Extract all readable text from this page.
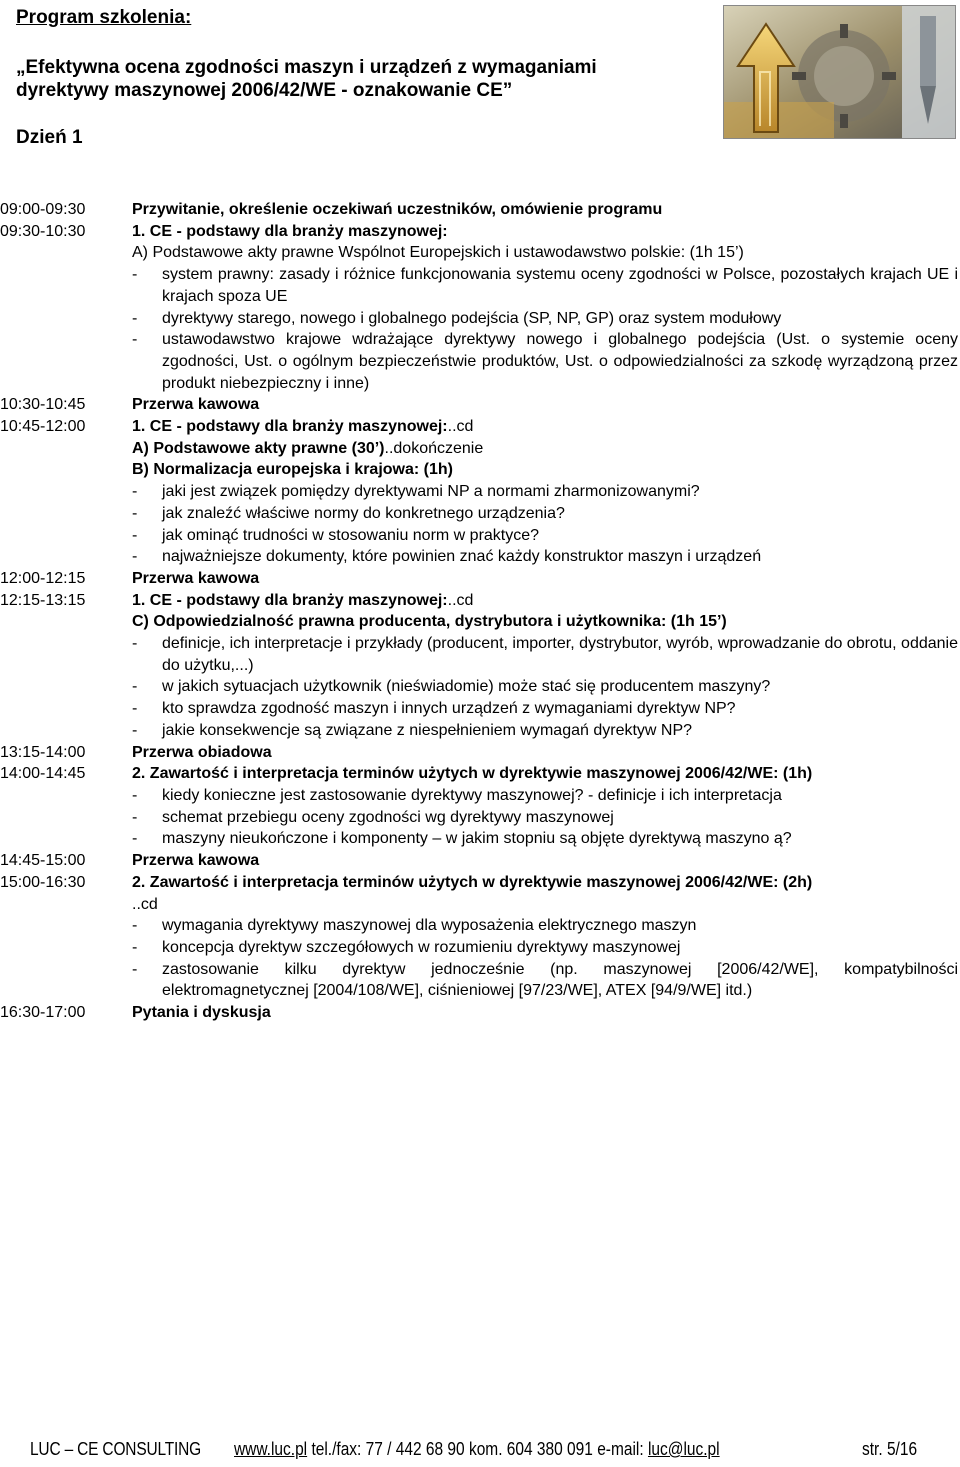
Program szkolenia:
„Efektywna ocena zgodności maszyn i urządzeń z wymaganiami
dyrektywy maszynowej 2006/42/WE - oznakowanie CE”
Dzień 1
09:00-09:30	Przywitanie, określenie oczekiwań uczestników, omówienie programu
09:30-10:30	1. CE - podstawy dla branży maszynowej:
A) Podstawowe akty prawne Wspólnot Europejskich i ustawodawstwo polskie: (1h 15’)
- system prawny: zasady i różnice funkcjonowania systemu oceny zgodności w Polsce, pozostałych krajach UE i krajach spoza UE
- dyrektywy starego, nowego i globalnego podejścia (SP, NP, GP) oraz system modułowy
- ustawodawstwo krajowe wdrażające dyrektywy nowego i globalnego podejścia (Ust. o systemie oceny zgodności, Ust. o ogólnym bezpieczeństwie produktów, Ust. o odpowiedzialności za szkodę wyrządzoną przez produkt niebezpieczny i inne)
10:30-10:45	Przerwa kawowa
10:45-12:00	1. CE - podstawy dla branży maszynowej:..cd
A) Podstawowe akty prawne (30’)..dokończenie
B) Normalizacja europejska i krajowa: (1h)
- jaki jest związek pomiędzy dyrektywami NP a normami zharmonizowanymi?
- jak znaleźć właściwe normy do konkretnego urządzenia?
- jak ominąć trudności w stosowaniu norm w praktyce?
- najważniejsze dokumenty, które powinien znać każdy konstruktor maszyn i urządzeń
12:00-12:15	Przerwa kawowa
12:15-13:15	1. CE - podstawy dla branży maszynowej:..cd
C) Odpowiedzialność prawna producenta, dystrybutora i użytkownika: (1h 15’)
- definicje, ich interpretacje i przykłady (producent, importer, dystrybutor, wyrób, wprowadzanie do obrotu, oddanie do użytku,...)
- w jakich sytuacjach użytkownik (nieświadomie) może stać się producentem maszyny?
- kto sprawdza zgodność maszyn i innych urządzeń z wymaganiami dyrektyw NP?
- jakie konsekwencje są związane z niespełnieniem wymagań dyrektyw NP?
13:15-14:00	Przerwa obiadowa
14:00-14:45	2. Zawartość i interpretacja terminów użytych w dyrektywie maszynowej 2006/42/WE: (1h)
- kiedy konieczne jest zastosowanie dyrektywy maszynowej? - definicje i ich interpretacja
- schemat przebiegu oceny zgodności wg dyrektywy maszynowej
- maszyny nieukończone i komponenty – w jakim stopniu są objęte dyrektywą maszyno ą?
14:45-15:00	Przerwa kawowa
15:00-16:30	2. Zawartość i interpretacja terminów użytych w dyrektywie maszynowej 2006/42/WE: (2h)
..cd
- wymagania dyrektywy maszynowej dla wyposażenia elektrycznego maszyn
- koncepcja dyrektyw szczegółowych w rozumieniu dyrektywy maszynowej
- zastosowanie kilku dyrektyw jednocześnie (np. maszynowej [2006/42/WE], kompatybilności elektromagnetycznej [2004/108/WE], ciśnieniowej [97/23/WE], ATEX [94/9/WE] itd.)
16:30-17:00	Pytania i dyskusja
LUC – CE CONSULTING www.luc.pl tel./fax: 77 / 442 68 90 kom. 604 380 091 e-mail: luc@luc.pl	str. 5/16
